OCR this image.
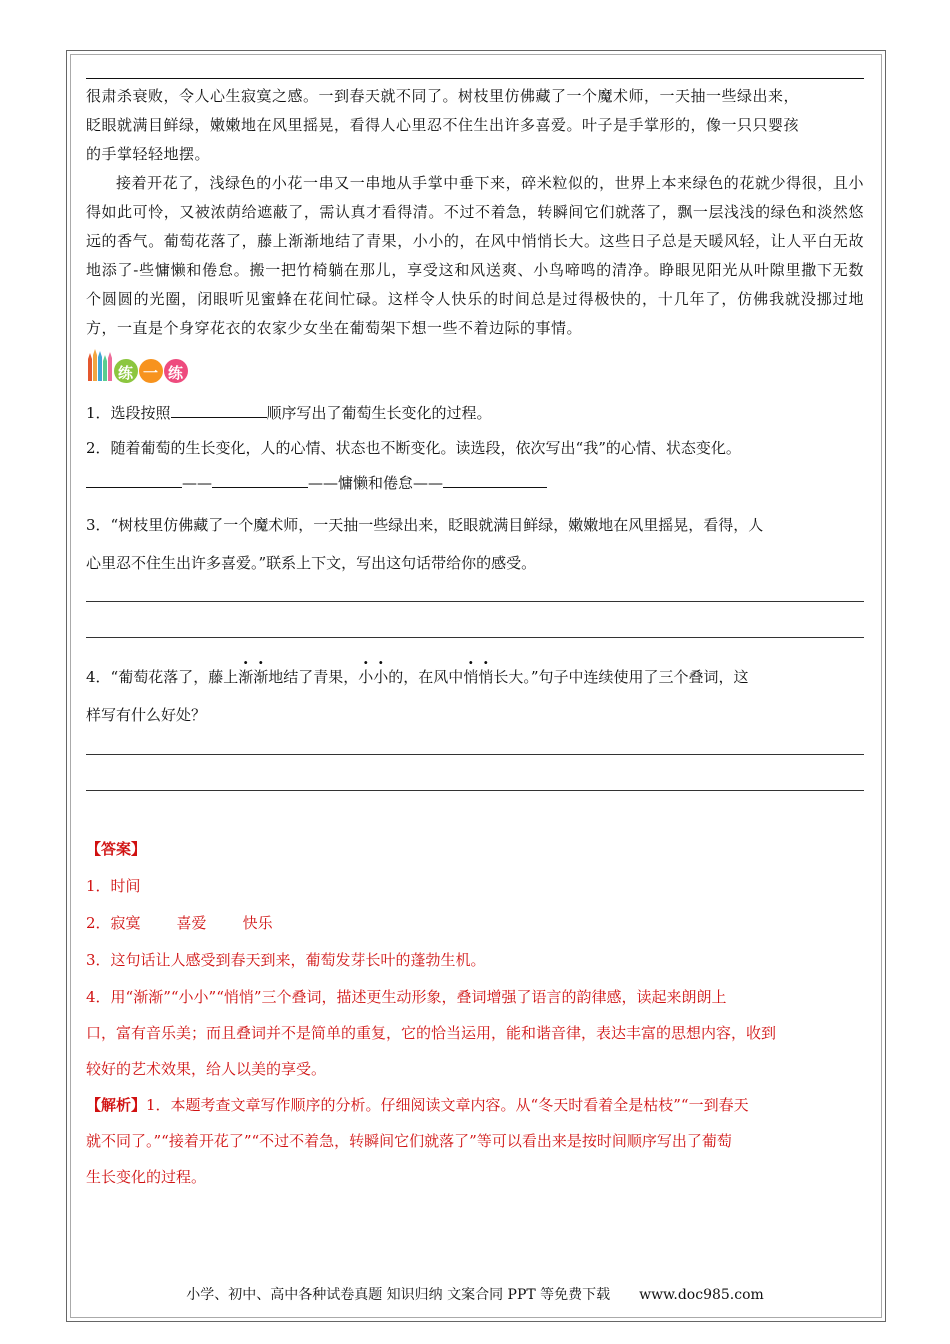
很肃杀衰败，令人心生寂寞之感。一到春天就不同了。树枝里仿佛藏了一个魔术师，一天抽一些绿出来，

眨眼就满目鲜绿，嫩嫩地在风里摇晃，看得人心里忍不住生出许多喜爱。叶子是手掌形的，像一只只婴孩

的手掌轻轻地摆。

接着开花了，浅绿色的小花一串又一串地从手掌中垂下来，碎米粒似的，世界上本来绿色的花就少得很，且小得如此可怜，又被浓荫给遮蔽了，需认真才看得清。不过不着急，转瞬间它们就落了，飘一层浅浅的绿色和淡然悠远的香气。葡萄花落了，藤上渐渐地结了青果，小小的，在风中悄悄长大。这些日子总是天暖风轻，让人平白无故地添了-些慵懒和倦怠。搬一把竹椅躺在那儿，享受这和风送爽、小鸟啼鸣的清净。睁眼见阳光从叶隙里撒下无数个圆圆的光圈，闭眼听见蜜蜂在花间忙碌。这样令人快乐的时间总是过得极快的，十几年了，仿佛我就没挪过地方，一直是个身穿花衣的农家少女坐在葡萄架下想一些不着边际的事情。

练 一 练

1．选段按照	顺序写出了葡萄生长变化的过程。

2．随着葡萄的生长变化，人的心情、状态也不断变化。读选段，依次写出“我”的心情、状态变化。

——	——慵懒和倦怠——

3．“树枝里仿佛藏了一个魔术师，一天抽一些绿出来，眨眼就满目鲜绿，嫩嫩地在风里摇晃，看得，人

心里忍不住生出许多喜爱。”联系上下文，写出这句话带给你的感受。

4．“葡萄花落了，藤上渐渐地结了青果，小小的，在风中悄悄长大。”句子中连续使用了三个叠词，这

样写有什么好处？

【答案】

1．时间

2．寂寞 喜爱 快乐

3．这句话让人感受到春天到来，葡萄发芽长叶的蓬勃生机。

4．用“渐渐”“小小”“悄悄”三个叠词，描述更生动形象，叠词增强了语言的韵律感，读起来朗朗上

口，富有音乐美；而且叠词并不是简单的重复，它的恰当运用，能和谐音律，表达丰富的思想内容，收到

较好的艺术效果，给人以美的享受。

【解析】1．本题考查文章写作顺序的分析。仔细阅读文章内容。从“冬天时看着全是枯枝”“一到春天

就不同了。”“接着开花了”“不过不着急，转瞬间它们就落了”等可以看出来是按时间顺序写出了葡萄

生长变化的过程。

小学、初中、高中各种试卷真题 知识归纳 文案合同 PPT 等免费下载 www.doc985.com
